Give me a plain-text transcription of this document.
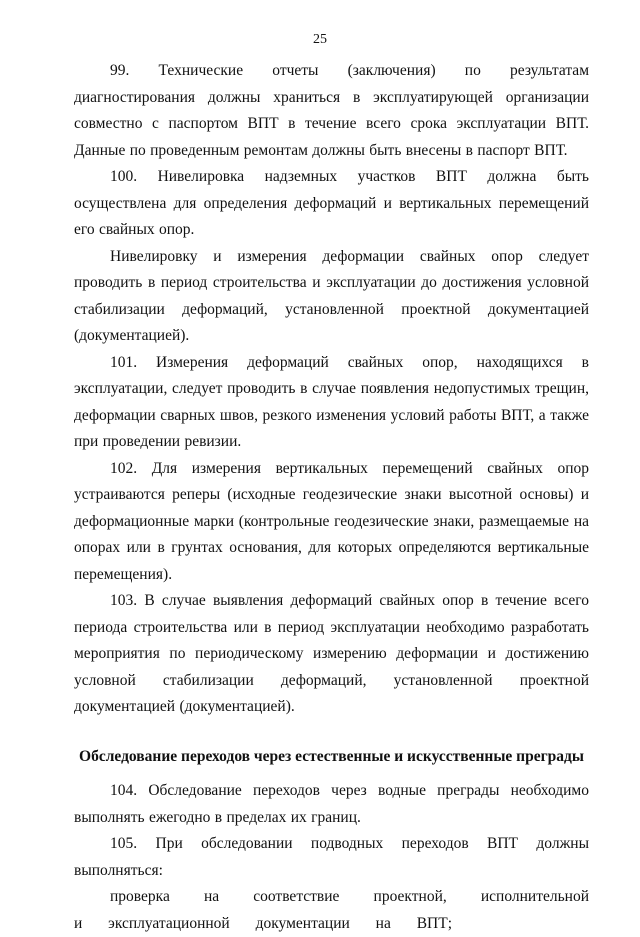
25

99. Технические отчеты (заключения) по результатам диагностирования должны храниться в эксплуатирующей организации совместно с паспортом ВПТ в течение всего срока эксплуатации ВПТ. Данные по проведенным ремонтам должны быть внесены в паспорт ВПТ.

100. Нивелировка надземных участков ВПТ должна быть осуществлена для определения деформаций и вертикальных перемещений его свайных опор.

Нивелировку и измерения деформации свайных опор следует проводить в период строительства и эксплуатации до достижения условной стабилизации деформаций, установленной проектной документацией (документацией).

101. Измерения деформаций свайных опор, находящихся в эксплуатации, следует проводить в случае появления недопустимых трещин, деформации сварных швов, резкого изменения условий работы ВПТ, а также при проведении ревизии.

102. Для измерения вертикальных перемещений свайных опор устраиваются реперы (исходные геодезические знаки высотной основы) и деформационные марки (контрольные геодезические знаки, размещаемые на опорах или в грунтах основания, для которых определяются вертикальные перемещения).

103. В случае выявления деформаций свайных опор в течение всего периода строительства или в период эксплуатации необходимо разработать мероприятия по периодическому измерению деформации и достижению условной стабилизации деформаций, установленной проектной документацией (документацией).

Обследование переходов через естественные и искусственные преграды

104. Обследование переходов через водные преграды необходимо выполнять ежегодно в пределах их границ.

105. При обследовании подводных переходов ВПТ должны выполняться:

проверка на соответствие проектной, исполнительной и эксплуатационной документации на ВПТ;
